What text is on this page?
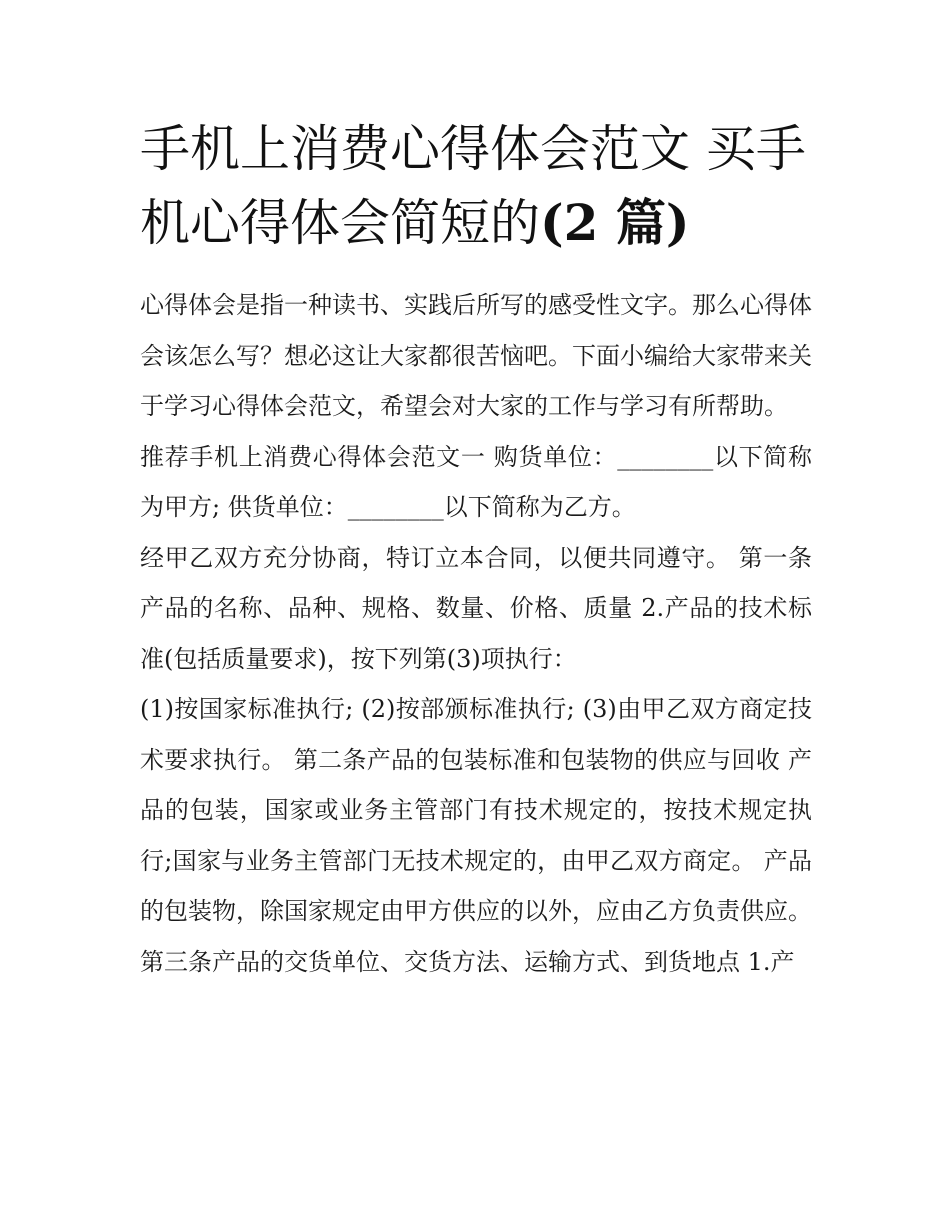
手机上消费心得体会范文 买手
机心得体会简短的(2 篇)

心得体会是指一种读书、实践后所写的感受性文字。那么心得体会该怎么写？想必这让大家都很苦恼吧。下面小编给大家带来关于学习心得体会范文，希望会对大家的工作与学习有所帮助。

推荐手机上消费心得体会范文一 购货单位：________以下简称为甲方; 供货单位：________以下简称为乙方。

经甲乙双方充分协商，特订立本合同，以便共同遵守。 第一条产品的名称、品种、规格、数量、价格、质量 2.产品的技术标准(包括质量要求)，按下列第(3)项执行：

(1)按国家标准执行; (2)按部颁标准执行; (3)由甲乙双方商定技术要求执行。 第二条产品的包装标准和包装物的供应与回收 产品的包装，国家或业务主管部门有技术规定的，按技术规定执行;国家与业务主管部门无技术规定的，由甲乙双方商定。 产品的包装物，除国家规定由甲方供应的以外，应由乙方负责供应。

第三条产品的交货单位、交货方法、运输方式、到货地点 1.产
